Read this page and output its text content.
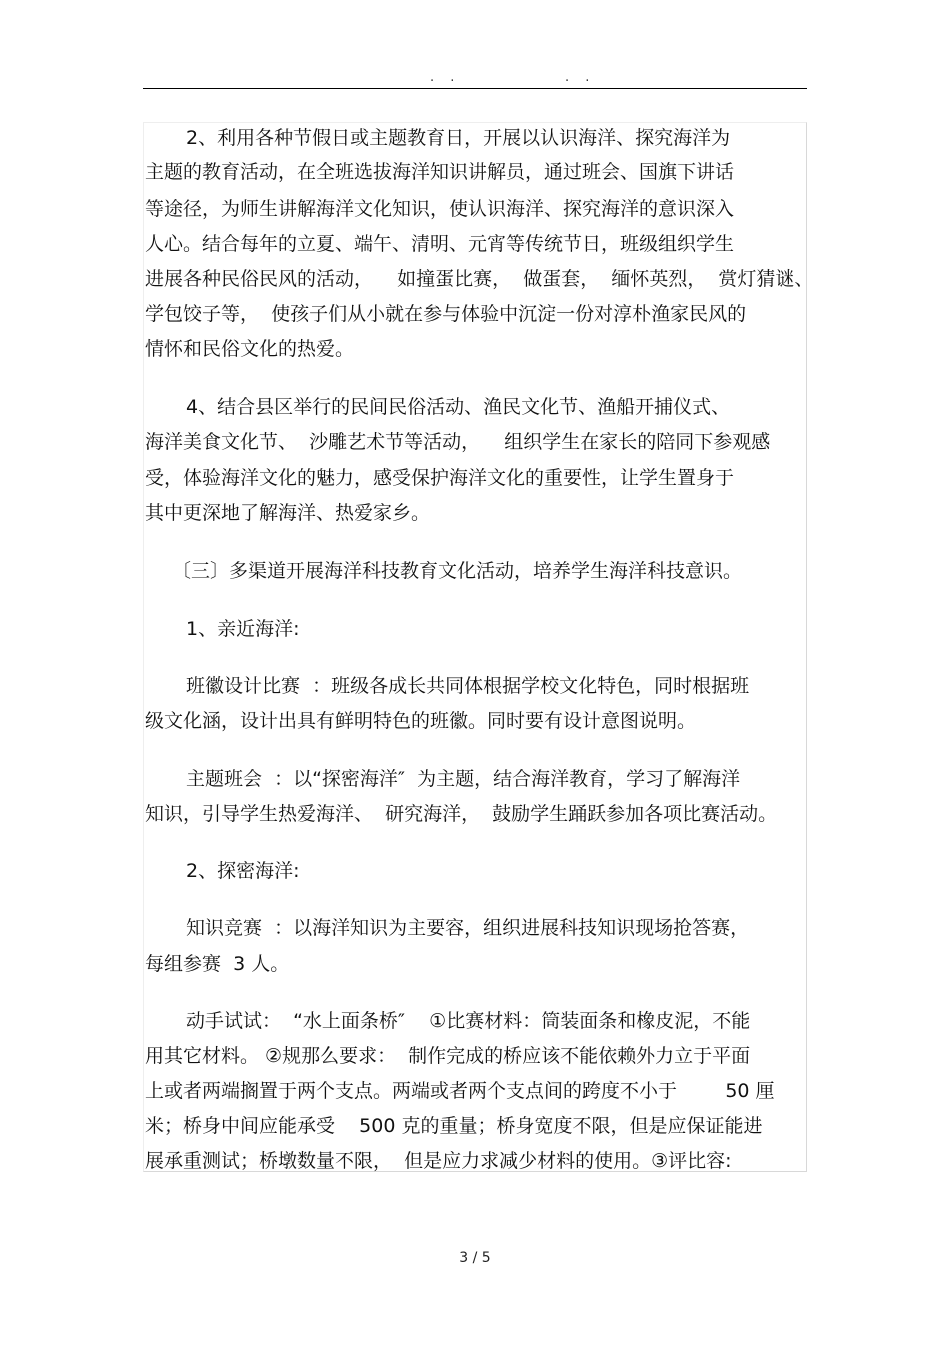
. .	. .
2、利用各种节假日或主题教育日，开展以认识海洋、探究海洋为
主题的教育活动，在全班选拔海洋知识讲解员，通过班会、国旗下讲话
等途径，为师生讲解海洋文化知识，使认识海洋、探究海洋的意识深入
人心。结合每年的立夏、端午、清明、元宵等传统节日，班级组织学生
进展各种民俗民风的活动，    如撞蛋比赛，  做蛋套，  缅怀英烈，  赏灯猜谜、
学包饺子等，  使孩子们从小就在参与体验中沉淀一份对淳朴渔家民风的
情怀和民俗文化的热爱。
4、结合县区举行的民间民俗活动、渔民文化节、渔船开捕仪式、
海洋美食文化节、  沙雕艺术节等活动，    组织学生在家长的陪同下参观感
受，体验海洋文化的魅力，感受保护海洋文化的重要性，让学生置身于
其中更深地了解海洋、热爱家乡。
〔三〕多渠道开展海洋科技教育文化活动，培养学生海洋科技意识。
1、亲近海洋:
班徽设计比赛  ：班级各成长共同体根据学校文化特色，同时根据班
级文化涵，设计出具有鲜明特色的班徽。同时要有设计意图说明。
主题班会  ：以“探密海洋″  为主题，结合海洋教育，学习了解海洋
知识，引导学生热爱海洋、  研究海洋，  鼓励学生踊跃参加各项比赛活动。
2、探密海洋:
知识竞赛  ：以海洋知识为主要容，组织进展科技知识现场抢答赛，
每组参赛  3 人。
动手试试：  “水上面条桥″    ①比赛材料：筒装面条和橡皮泥，不能
用其它材料。 ②规那么要求：  制作完成的桥应该不能依赖外力立于平面
上或者两端搁置于两个支点。两端或者两个支点间的跨度不小于        50 厘
米；桥身中间应能承受    500 克的重量；桥身宽度不限，但是应保证能进
展承重测试；桥墩数量不限，  但是应力求减少材料的使用。③评比容:
3 / 5
